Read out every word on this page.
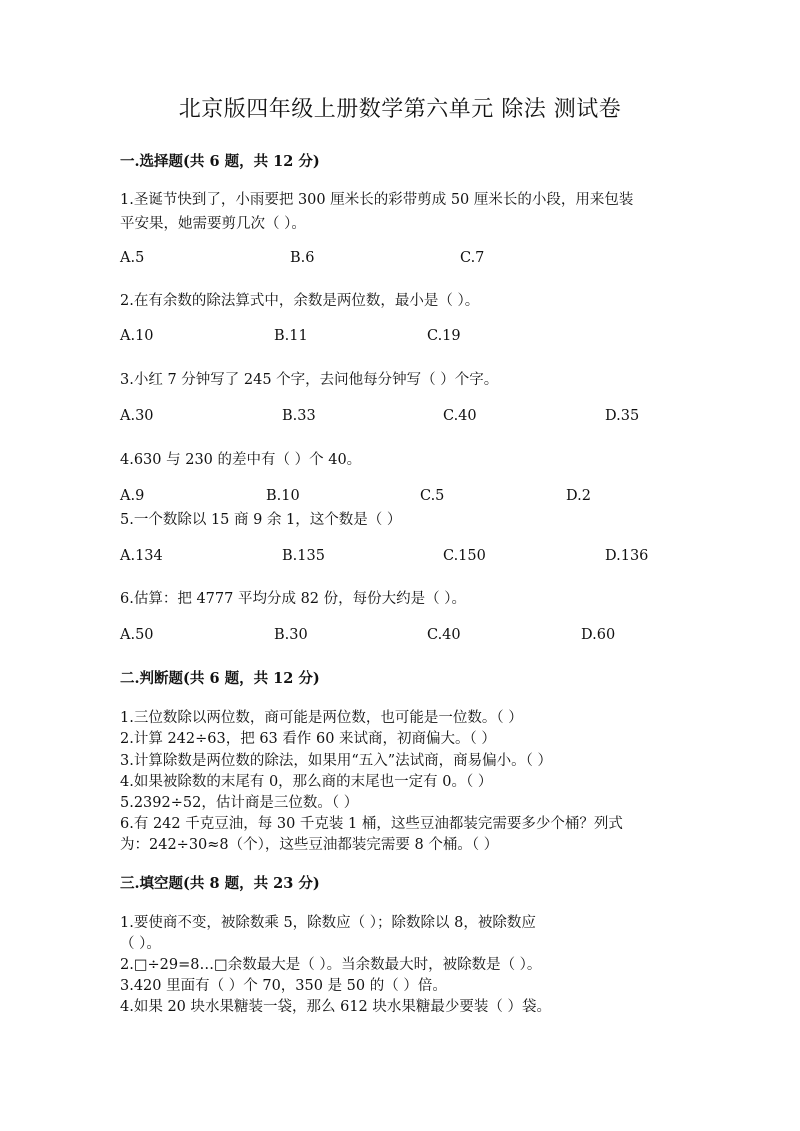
北京版四年级上册数学第六单元 除法 测试卷
一.选择题(共 6 题，共 12 分)
1.圣诞节快到了，小雨要把 300 厘米长的彩带剪成 50 厘米长的小段，用来包装
平安果，她需要剪几次（ ）。
A.5	B.6	C.7
2.在有余数的除法算式中，余数是两位数，最小是（ ）。
A.10	B.11	C.19
3.小红 7 分钟写了 245 个字，去问他每分钟写（ ）个字。
A.30	B.33	C.40	D.35
4.630 与 230 的差中有（ ）个 40。
A.9	B.10	C.5	D.2
5.一个数除以 15 商 9 余 1，这个数是（ ）
A.134	B.135	C.150	D.136
6.估算：把 4777 平均分成 82 份，每份大约是（ ）。
A.50	B.30	C.40	D.60
二.判断题(共 6 题，共 12 分)
1.三位数除以两位数，商可能是两位数，也可能是一位数。（ ）
2.计算 242÷63，把 63 看作 60 来试商，初商偏大。（ ）
3.计算除数是两位数的除法，如果用“五入”法试商，商易偏小。（ ）
4.如果被除数的末尾有 0，那么商的末尾也一定有 0。（ ）
5.2392÷52，估计商是三位数。（ ）
6.有 242 千克豆油，每 30 千克装 1 桶，这些豆油都装完需要多少个桶？列式
为：242÷30≈8（个），这些豆油都装完需要 8 个桶。（ ）
三.填空题(共 8 题，共 23 分)
1.要使商不变，被除数乘 5，除数应（ ）；除数除以 8，被除数应
（ ）。
2.□÷29=8…□余数最大是（ ）。当余数最大时，被除数是（ ）。
3.420 里面有（ ）个 70，350 是 50 的（ ）倍。
4.如果 20 块水果糖装一袋，那么 612 块水果糖最少要装（ ）袋。
